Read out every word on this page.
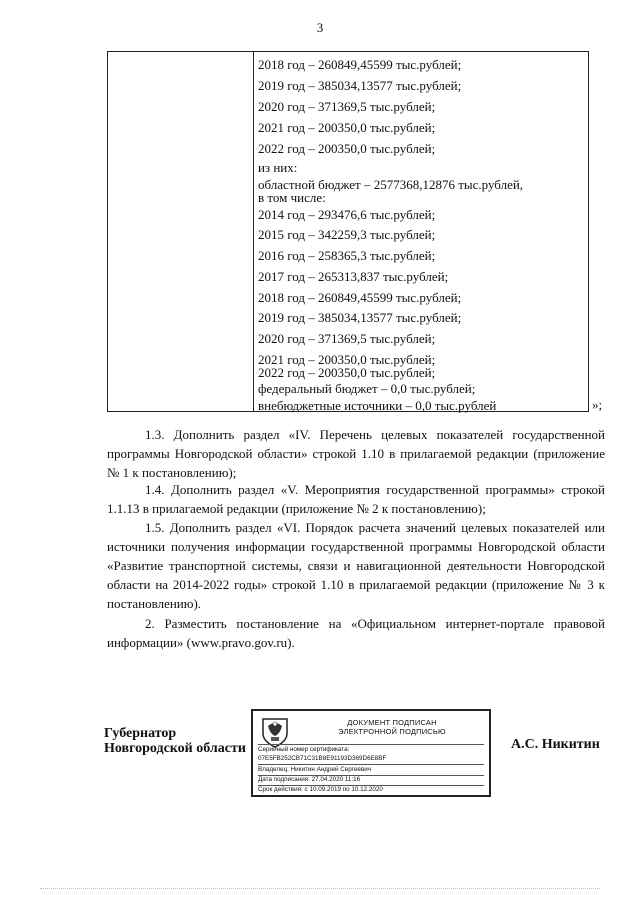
3
2018 год – 260849,45599 тыс.рублей;
2019 год – 385034,13577 тыс.рублей;
2020 год – 371369,5 тыс.рублей;
2021 год – 200350,0 тыс.рублей;
2022 год – 200350,0 тыс.рублей;
из них:
областной бюджет – 2577368,12876 тыс.рублей,
в том числе:
2014 год – 293476,6 тыс.рублей;
2015 год – 342259,3 тыс.рублей;
2016 год – 258365,3 тыс.рублей;
2017 год – 265313,837 тыс.рублей;
2018 год – 260849,45599 тыс.рублей;
2019 год – 385034,13577 тыс.рублей;
2020 год – 371369,5 тыс.рублей;
2021 год – 200350,0 тыс.рублей;
2022 год – 200350,0 тыс.рублей;
федеральный бюджет – 0,0 тыс.рублей;
внебюджетные источники – 0,0 тыс.рублей	»;
1.3. Дополнить раздел «IV. Перечень целевых показателей государственной программы Новгородской области» строкой 1.10 в прилагаемой редакции (приложение № 1 к постановлению);
1.4. Дополнить раздел «V. Мероприятия государственной программы» строкой 1.1.13 в прилагаемой редакции (приложение № 2 к постановлению);
1.5. Дополнить раздел «VI. Порядок расчета значений целевых показателей или источники получения информации государственной программы Новгородской области «Развитие транспортной системы, связи и навигационной деятельности Новгородской области на 2014-2022 годы» строкой 1.10 в прилагаемой редакции (приложение № 3 к постановлению).
2. Разместить постановление на «Официальном интернет-портале правовой информации» (www.pravo.gov.ru).
Губернатор
Новгородской области
ДОКУМЕНТ ПОДПИСАН
ЭЛЕКТРОННОЙ ПОДПИСЬЮ
Серийный номер сертификата:
07E5FB252CB71C31B8E91193D369D6E8BF
Владелец: Никитин Андрей Сергеевич
Дата подписания: 27.04.2020 11:16
Срок действия: с 10.09.2019 по 10.12.2020
А.С. Никитин
